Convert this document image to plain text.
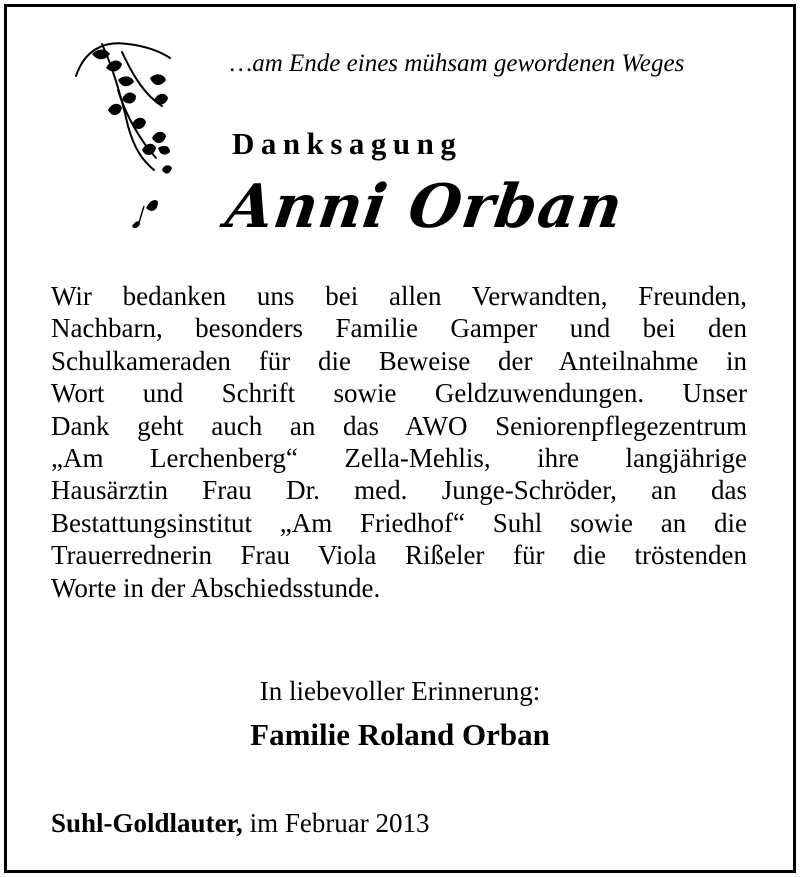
…am Ende eines mühsam gewordenen Weges
Danksagung
Anni Orban
Wir bedanken uns bei allen Verwandten, Freunden,
Nachbarn, besonders Familie Gamper und bei den
Schulkameraden für die Beweise der Anteilnahme in
Wort und Schrift sowie Geldzuwendungen. Unser
Dank geht auch an das AWO Seniorenpflegezentrum
„Am Lerchenberg“ Zella-Mehlis, ihre langjährige
Hausärztin Frau Dr. med. Junge-Schröder, an das
Bestattungsinstitut „Am Friedhof“ Suhl sowie an die
Trauerrednerin Frau Viola Rißeler für die tröstenden
Worte in der Abschiedsstunde.
In liebevoller Erinnerung:
Familie Roland Orban
Suhl-Goldlauter, im Februar 2013
